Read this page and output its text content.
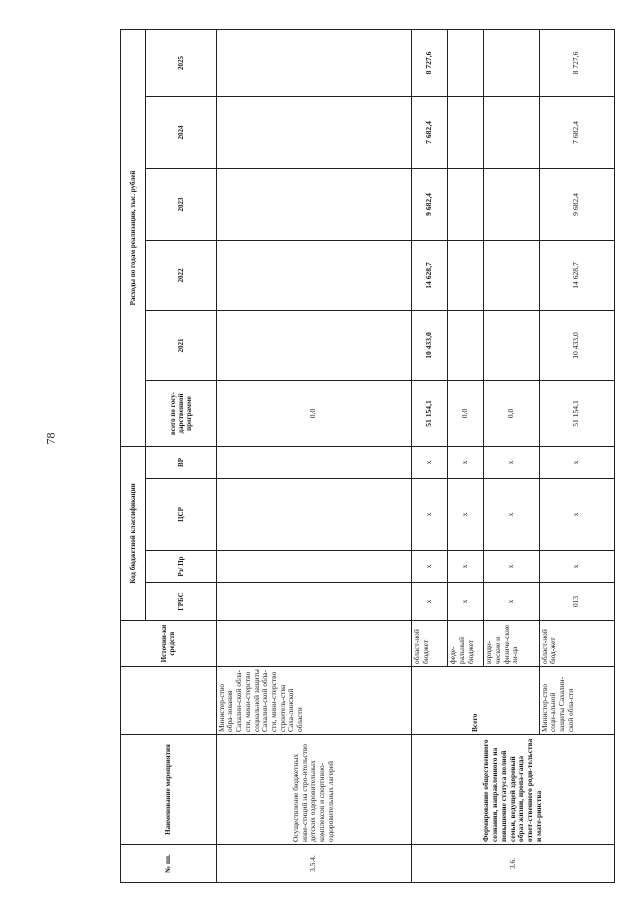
78
№ пп.	Наименование мероприятия		Источни-ки средств	Код бюджетной классификации				Расходы по годам реализации, тыс. рублей					
				ГРБС	Рз/ Пр	ЦСР	ВР	всего по госу-дарственной программе	2021	2022	2023	2024	2025
3.5.4.	Осуществление бюджетных инве-стиций на стро-ительство детских оздоровительных комплексов и спортивно-оздоровительных лагерей	Министер-ство обра-зования Сахалин-ской обла-сти, мини-стерство социальной защиты Сахалин-ской обла-сти, мини-стерство строитель-ства Саха-линской области						0,0					
3.6.	Формирование общественного сознания, направленного на повышение статуса полной семьи, ведущей здоровый образ жизни, пропа-ганда ответ-ственного роди-тельства и мате-ринства	Всего	област-ной бюджет	x	x	x	x	51 154,1	10 433,0	14 628,7	9 682,4	7 682,4	8 727,6
			феде-ральный бюджет	x	x	x	x	0,0					
			юриди-ческие и физиче-ские ли-ца	x	x	x	x	0,0					
		Министер-ство соци-альной защиты Сахалин-ской обла-сти	област-ной бюд-жет	013	x	x	x	51 154,1	10 433,0	14 628,7	9 682,4	7 682,4	8 727,6
